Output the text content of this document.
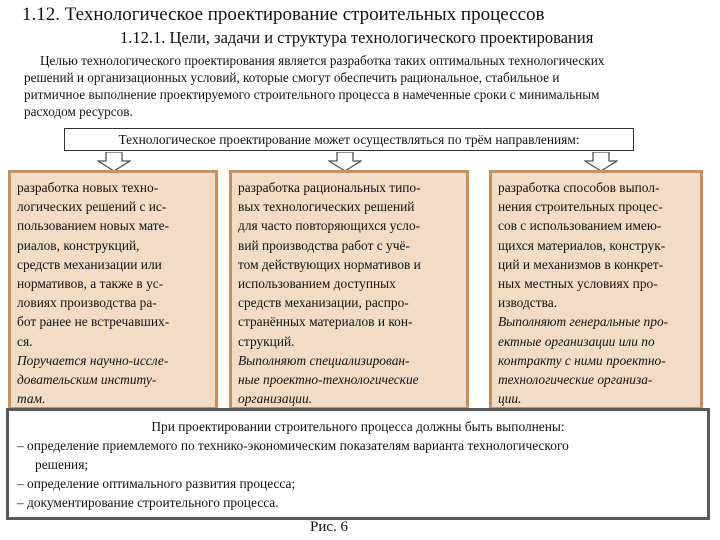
1.12. Технологическое проектирование строительных процессов
1.12.1. Цели, задачи и структура технологического проектирования

Целью технологического проектирования является разработка таких оптимальных технологических
решений и организационных условий, которые смогут обеспечить рациональное, стабильное и
ритмичное выполнение проектируемого строительного процесса в намеченные сроки с минимальным
расходом ресурсов.

Технологическое проектирование может осуществляться по трём направлениям:
разработка новых техно-
логических решений с ис-
пользованием новых мате-
риалов, конструкций,
средств механизации или
нормативов, а также в ус-
ловиях производства ра-
бот ранее не встречавших-
ся.
Поручается научно-иссле-
довательским институ-
там.
разработка рациональных типо-
вых технологических решений
для часто повторяющихся усло-
вий производства работ с учё-
том действующих нормативов и
использованием доступных
средств механизации, распро-
странённых материалов и кон-
струкций.
Выполняют специализирован-
ные проектно-технологические
организации.
разработка способов выпол-
нения строительных процес-
сов с использованием имею-
щихся материалов, конструк-
ций и механизмов в конкрет-
ных местных условиях про-
изводства.
Выполняют генеральные про-
ектные организации или по
контракту с ними проектно-
технологические организа-
ции.
При проектировании строительного процесса должны быть выполнены:
– определение приемлемого по технико-экономическим показателям варианта технологического
решения;
– определение оптимального развития процесса;
– документирование строительного процесса.
Рис. 6
